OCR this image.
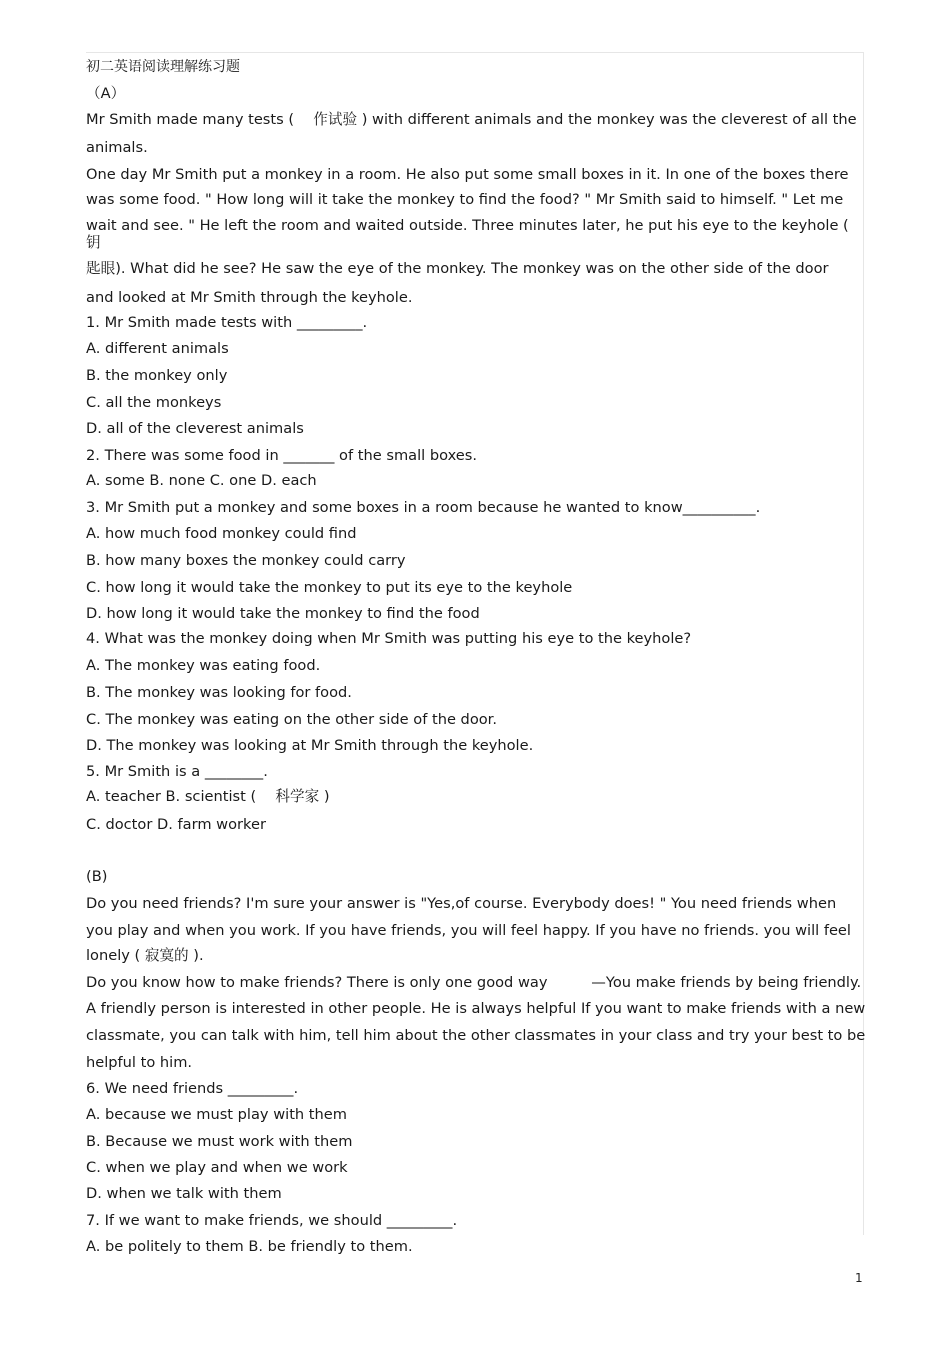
初二英语阅读理解练习题

（A）

Mr Smith made many tests (　 作试验 ) with different animals and the monkey was the cleverest of all the

animals.

One day Mr Smith put a monkey in a room. He also put some small boxes in it. In one of the boxes there

was some food. " How long will it take the monkey to find the food? " Mr Smith said to himself. " Let me

wait and see. " He left the room and waited outside. Three minutes later, he put his eye to the keyhole (

钥

匙眼). What did he see? He saw the eye of the monkey. The monkey was on the other side of the door

and looked at Mr Smith through the keyhole.

1. Mr Smith made tests with _________.

A. different animals

B. the monkey only

C. all the monkeys

D. all of the cleverest animals

2. There was some food in _______ of the small boxes.

A. some B. none C. one D. each

3. Mr Smith put a monkey and some boxes in a room because he wanted to know__________.

A. how much food monkey could find

B. how many boxes the monkey could carry

C. how long it would take the monkey to put its eye to the keyhole

D. how long it would take the monkey to find the food

4. What was the monkey doing when Mr Smith was putting his eye to the keyhole?

A. The monkey was eating food.

B. The monkey was looking for food.

C. The monkey was eating on the other side of the door.

D. The monkey was looking at Mr Smith through the keyhole.

5. Mr Smith is a ________.

A. teacher B. scientist (　 科学家 )

C. doctor D. farm worker

(B)

Do you need friends? I'm sure your answer is "Yes,of course. Everybody does! " You need friends when

you play and when you work. If you have friends, you will feel happy. If you have no friends. you will feel

lonely ( 寂寞的 ).

Do you know how to make friends? There is only one good way　　　—You make friends by being friendly.

A friendly person is interested in other people. He is always helpful If you want to make friends with a new

classmate, you can talk with him, tell him about the other classmates in your class and try your best to be

helpful to him.

6. We need friends _________.

A. because we must play with them

B. Because we must work with them

C. when we play and when we work

D. when we talk with them

7. If we want to make friends, we should _________.

A. be politely to them B. be friendly to them.

1
